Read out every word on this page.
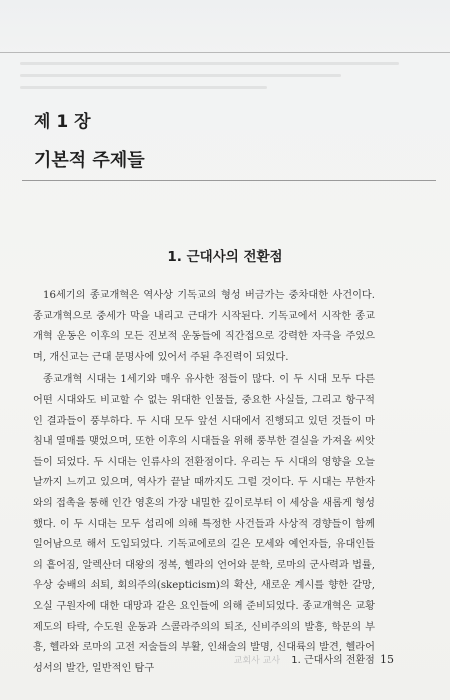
제 1 장
기본적 주제들
1. 근대사의 전환점

16세기의 종교개혁은 역사상 기독교의 형성 버금가는 중차대한 사건이다. 종교개혁으로 중세가 막을 내리고 근대가 시작된다. 기독교에서 시작한 종교개혁 운동은 이후의 모든 진보적 운동들에 직간접으로 강력한 자극을 주었으며, 개신교는 근대 문명사에 있어서 주된 추진력이 되었다.

종교개혁 시대는 1세기와 매우 유사한 점들이 많다. 이 두 시대 모두 다른 어떤 시대와도 비교할 수 없는 위대한 인물들, 중요한 사실들, 그리고 항구적인 결과들이 풍부하다. 두 시대 모두 앞선 시대에서 진행되고 있던 것들이 마침내 열매를 맺었으며, 또한 이후의 시대들을 위해 풍부한 결실을 가져올 씨앗들이 되었다. 두 시대는 인류사의 전환점이다. 우리는 두 시대의 영향을 오늘날까지 느끼고 있으며, 역사가 끝날 때까지도 그럴 것이다. 두 시대는 무한자와의 접촉을 통해 인간 영혼의 가장 내밀한 깊이로부터 이 세상을 새롭게 형성했다. 이 두 시대는 모두 섭리에 의해 특정한 사건들과 사상적 경향들이 함께 일어남으로 해서 도입되었다. 기독교에로의 길은 모세와 예언자들, 유대인들의 흩어짐, 알렉산더 대왕의 정복, 헬라의 언어와 문학, 로마의 군사력과 법률, 우상 숭배의 쇠퇴, 회의주의(skepticism)의 확산, 새로운 계시를 향한 갈망, 오실 구원자에 대한 대망과 같은 요인들에 의해 준비되었다. 종교개혁은 교황제도의 타락, 수도원 운동과 스콜라주의의 퇴조, 신비주의의 발흥, 학문의 부흥, 헬라와 로마의 고전 저술들의 부활, 인쇄술의 발명, 신대륙의 발견, 헬라어 성서의 발간, 일반적인 탐구

교회사 교사 1. 근대사의 전환점 15
